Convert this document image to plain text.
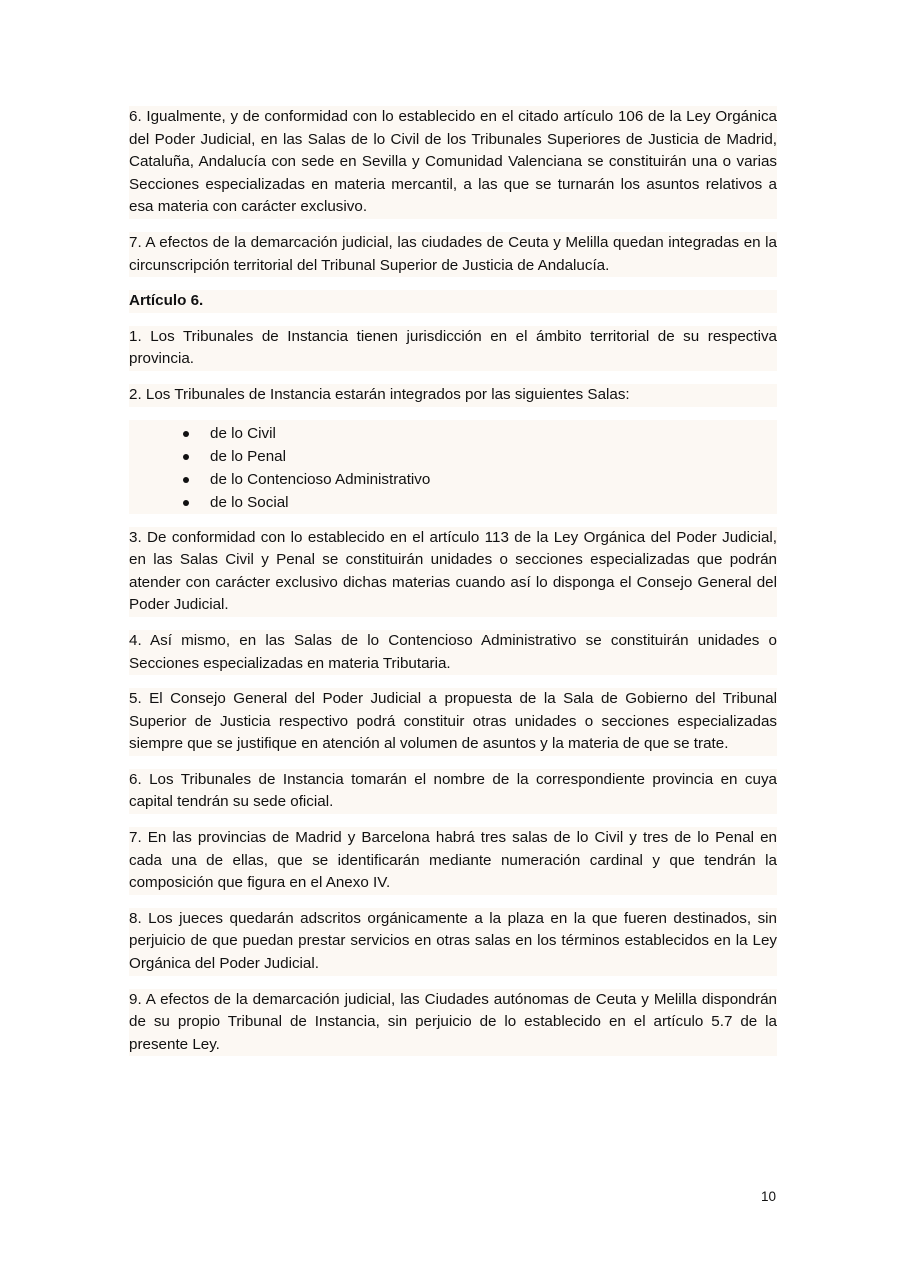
6. Igualmente, y de conformidad con lo establecido en el citado artículo 106 de la Ley Orgánica del Poder Judicial, en las Salas de lo Civil de los Tribunales Superiores de Justicia de Madrid, Cataluña, Andalucía con sede en Sevilla y Comunidad Valenciana se constituirán una o varias Secciones especializadas en materia mercantil, a las que se turnarán los asuntos relativos a esa materia con carácter exclusivo.

7. A efectos de la demarcación judicial, las ciudades de Ceuta y Melilla quedan integradas en la circunscripción territorial del Tribunal Superior de Justicia de Andalucía.

Artículo 6.

1. Los Tribunales de Instancia tienen jurisdicción en el ámbito territorial de su respectiva provincia.

2. Los Tribunales de Instancia estarán integrados por las siguientes Salas:

de lo Civil
de lo Penal
de lo Contencioso Administrativo
de lo Social

3. De conformidad con lo establecido en el artículo 113 de la Ley Orgánica del Poder Judicial, en las Salas Civil y Penal se constituirán unidades o secciones especializadas que podrán atender con carácter exclusivo dichas materias cuando así lo disponga el Consejo General del Poder Judicial.

4. Así mismo, en las Salas de lo Contencioso Administrativo se constituirán unidades o Secciones especializadas en materia Tributaria.

5. El Consejo General del Poder Judicial a propuesta de la Sala de Gobierno del Tribunal Superior de Justicia respectivo podrá constituir otras unidades o secciones especializadas siempre que se justifique en atención al volumen de asuntos y la materia de que se trate.

6. Los Tribunales de Instancia tomarán el nombre de la correspondiente provincia en cuya capital tendrán su sede oficial.

7. En las provincias de Madrid y Barcelona habrá tres salas de lo Civil y tres de lo Penal en cada una de ellas, que se identificarán mediante numeración cardinal y que tendrán la composición que figura en el Anexo IV.

8. Los jueces quedarán adscritos orgánicamente a la plaza en la que fueren destinados, sin perjuicio de que puedan prestar servicios en otras salas en los términos establecidos en la Ley Orgánica del Poder Judicial.

9. A efectos de la demarcación judicial, las Ciudades autónomas de Ceuta y Melilla dispondrán de su propio Tribunal de Instancia, sin perjuicio de lo establecido en el artículo 5.7 de la presente Ley.

10
